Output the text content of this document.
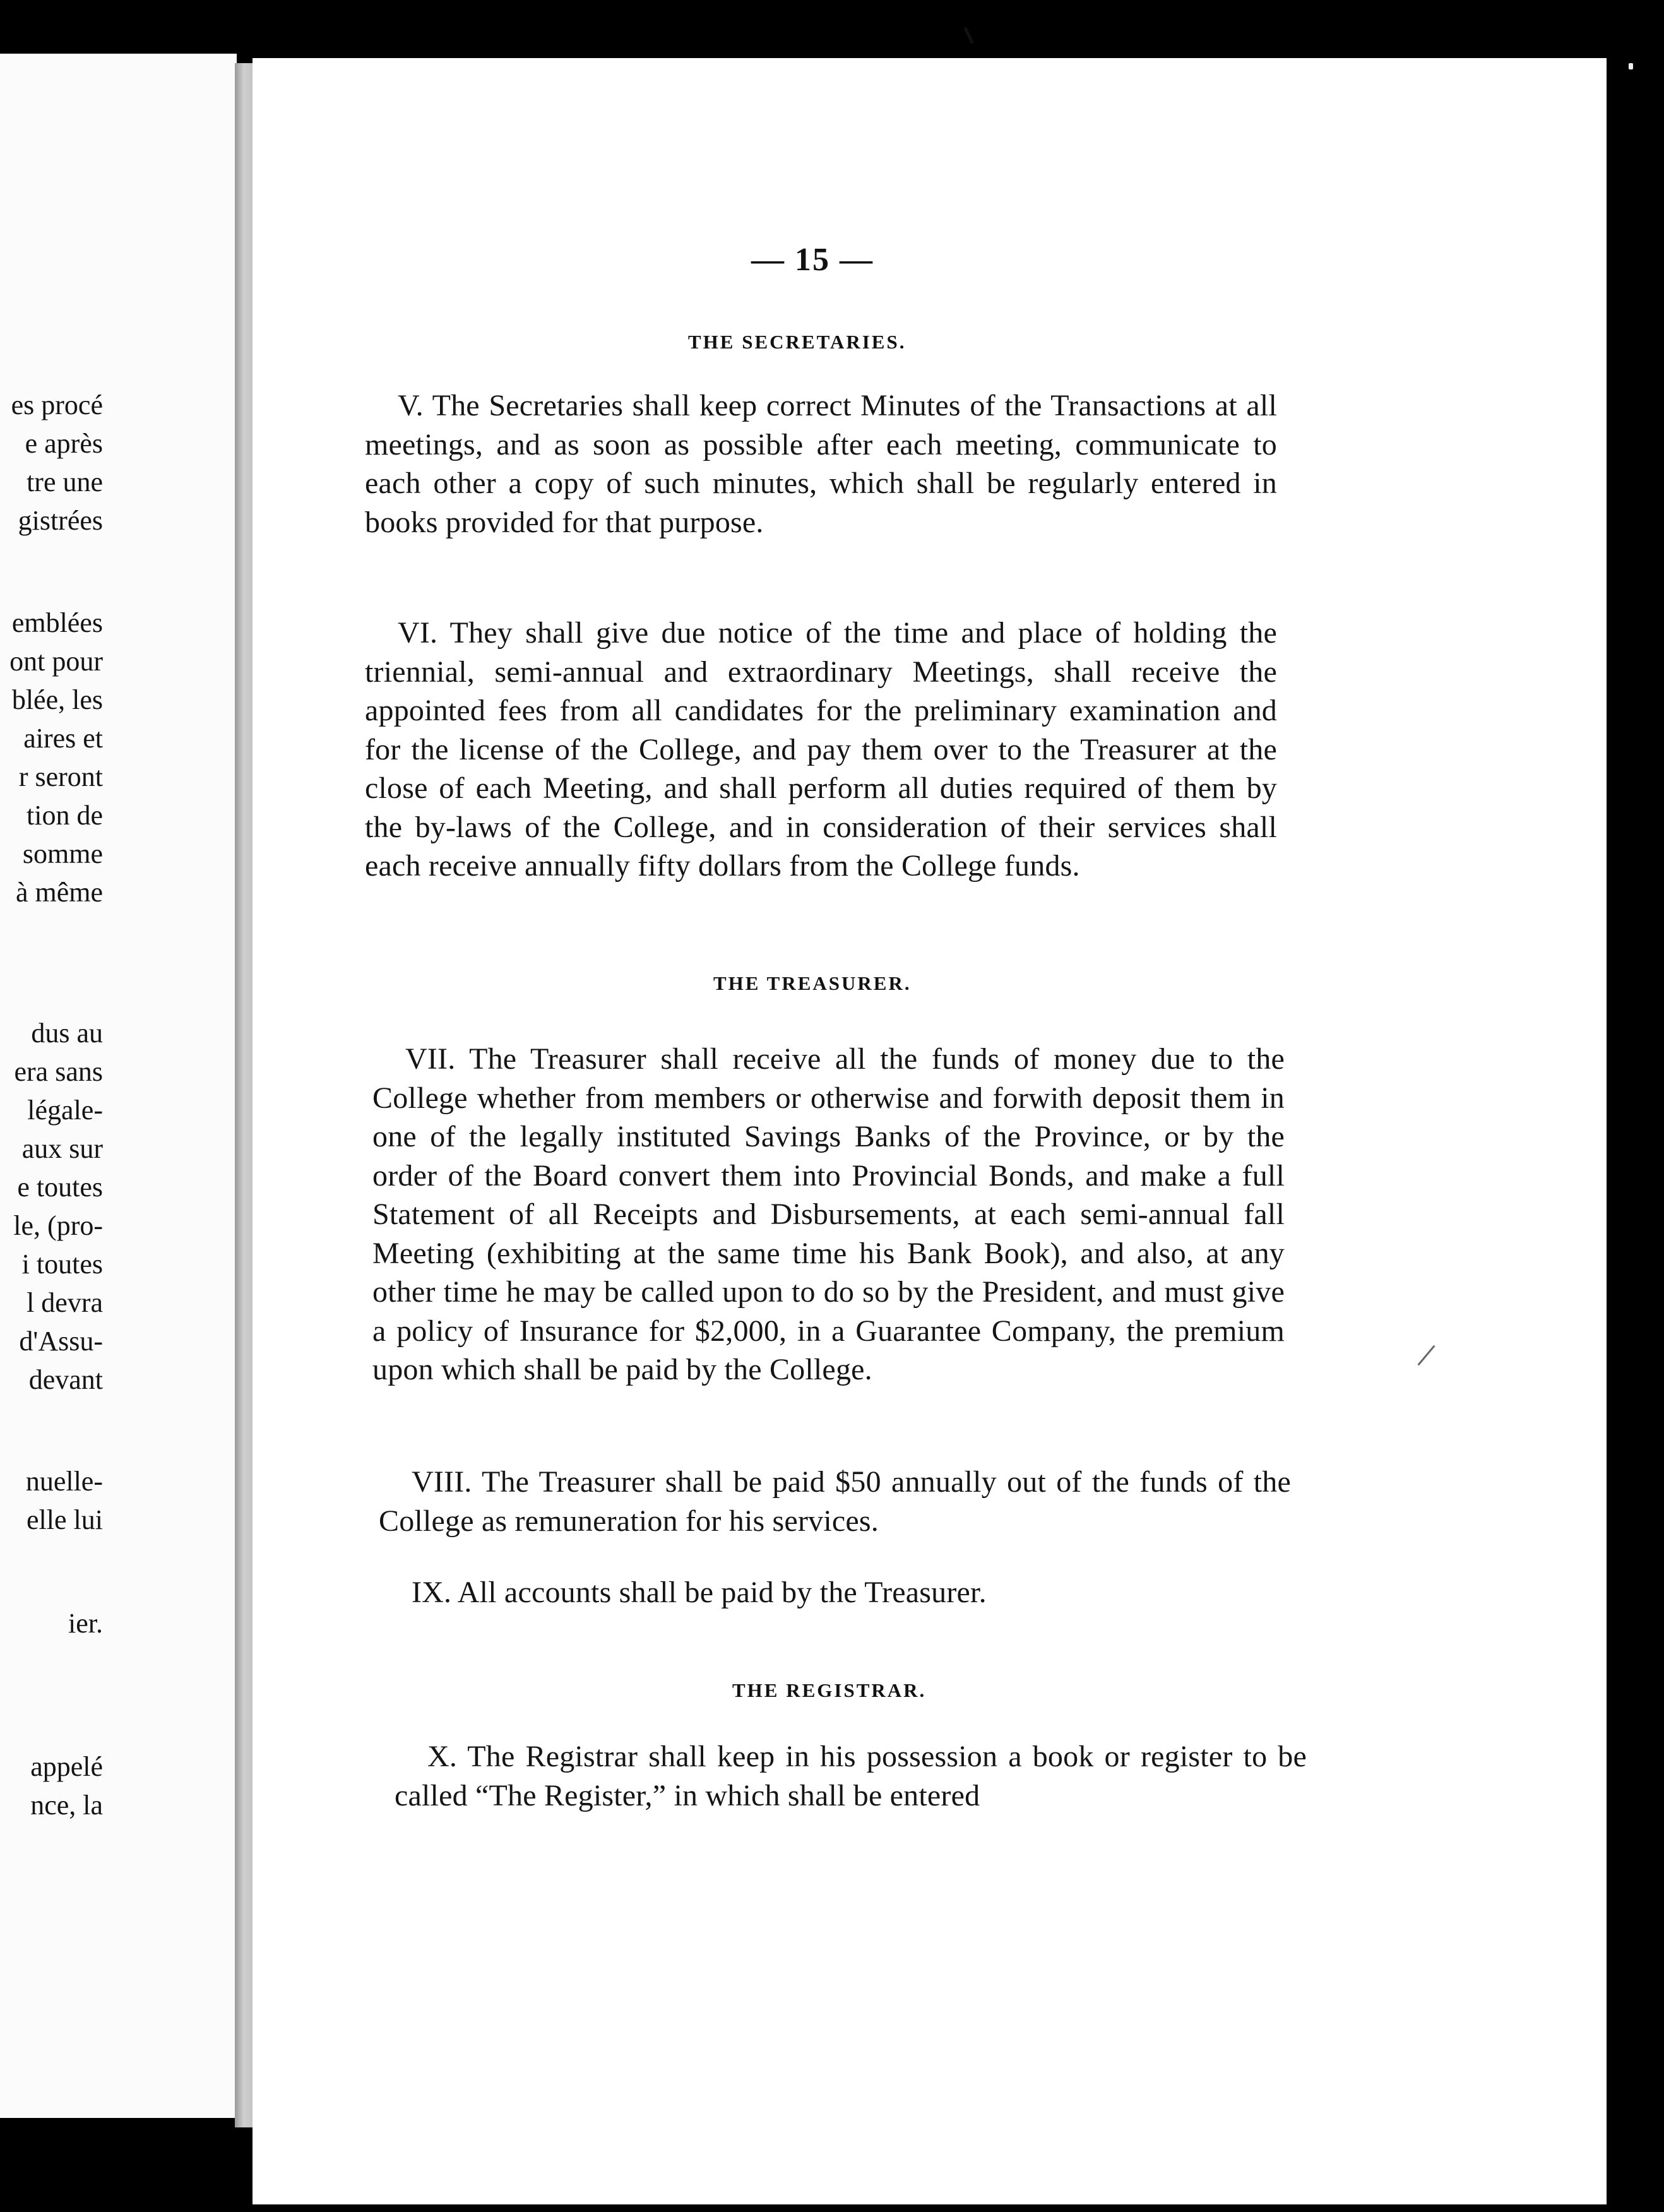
es procé
e après
tre une
gistrées
emblées
ont pour
blée, les
aires et
r seront
tion de
somme
à même
dus au
era sans
légale-
aux sur
e toutes
le, (pro-
i toutes
l devra
d'Assu-
devant
nuelle-
elle lui
ier.
appelé
nce, la
— 15 —
THE SECRETARIES.
V. The Secretaries shall keep correct Minutes of the Transactions at all meetings, and as soon as possible after each meeting, communicate to each other a copy of such minutes, which shall be regularly entered in books provided for that purpose.
VI. They shall give due notice of the time and place of holding the triennial, semi-annual and extraordinary Meetings, shall receive the appointed fees from all candidates for the preliminary examination and for the license of the College, and pay them over to the Treasurer at the close of each Meeting, and shall perform all duties required of them by the by-laws of the College, and in consideration of their services shall each receive annually fifty dollars from the College funds.
THE TREASURER.
VII. The Treasurer shall receive all the funds of money due to the College whether from members or otherwise and forwith deposit them in one of the legally instituted Savings Banks of the Province, or by the order of the Board convert them into Provincial Bonds, and make a full Statement of all Receipts and Disbursements, at each semi-annual fall Meeting (exhibiting at the same time his Bank Book), and also, at any other time he may be called upon to do so by the President, and must give a policy of Insurance for $2,000, in a Guarantee Company, the premium upon which shall be paid by the College.
VIII. The Treasurer shall be paid $50 annually out of the funds of the College as remuneration for his services.
IX. All accounts shall be paid by the Treasurer.
THE REGISTRAR.
X. The Registrar shall keep in his possession a book or register to be called “The Register,” in which shall be entered
